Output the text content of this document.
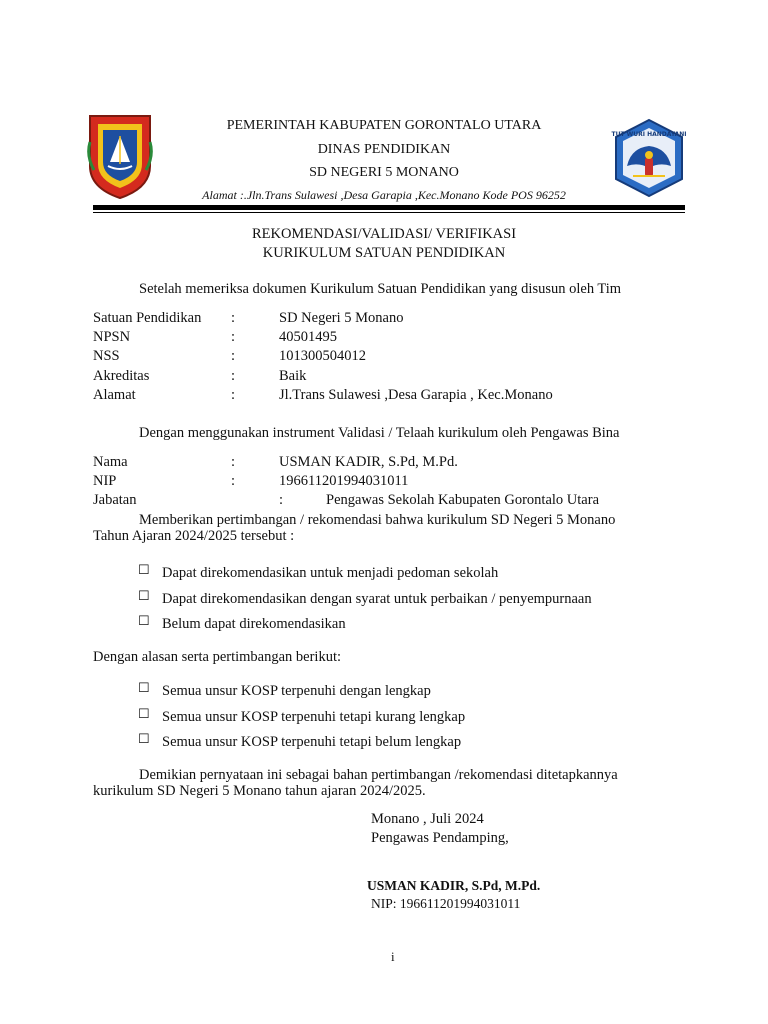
TUT WURI HANDAYANI
PEMERINTAH KABUPATEN GORONTALO UTARA
DINAS PENDIDIKAN
SD NEGERI 5 MONANO
Alamat :.Jln.Trans Sulawesi ,Desa Garapia ,Kec.Monano Kode POS 96252
REKOMENDASI/VALIDASI/ VERIFIKASI
KURIKULUM SATUAN PENDIDIKAN
Setelah memeriksa dokumen Kurikulum Satuan Pendidikan yang disusun oleh Tim
Satuan Pendidikan :	SD Negeri 5 Monano
NPSN	:	40501495
NSS	:	101300504012
Akreditas	:	Baik
Alamat	:	Jl.Trans Sulawesi ,Desa Garapia , Kec.Monano
Dengan menggunakan instrument Validasi / Telaah kurikulum oleh Pengawas Bina
Nama	:	USMAN KADIR, S.Pd, M.Pd.
NIP	:	196611201994031011
Jabatan	:	Pengawas Sekolah Kabupaten Gorontalo Utara
Memberikan pertimbangan / rekomendasi bahwa kurikulum SD Negeri 5 Monano
Tahun Ajaran 2024/2025 tersebut :
☐ Dapat direkomendasikan untuk menjadi pedoman sekolah
☐ Dapat direkomendasikan dengan syarat untuk perbaikan / penyempurnaan
☐ Belum dapat direkomendasikan
Dengan alasan serta pertimbangan berikut:
☐ Semua unsur KOSP terpenuhi dengan lengkap
☐ Semua unsur KOSP terpenuhi tetapi kurang lengkap
☐ Semua unsur KOSP terpenuhi tetapi belum lengkap
Demikian pernyataan ini sebagai bahan pertimbangan /rekomendasi ditetapkannya
kurikulum SD Negeri 5 Monano tahun ajaran 2024/2025.
Monano , Juli 2024
Pengawas Pendamping,
USMAN KADIR, S.Pd, M.Pd.
NIP: 196611201994031011
i
